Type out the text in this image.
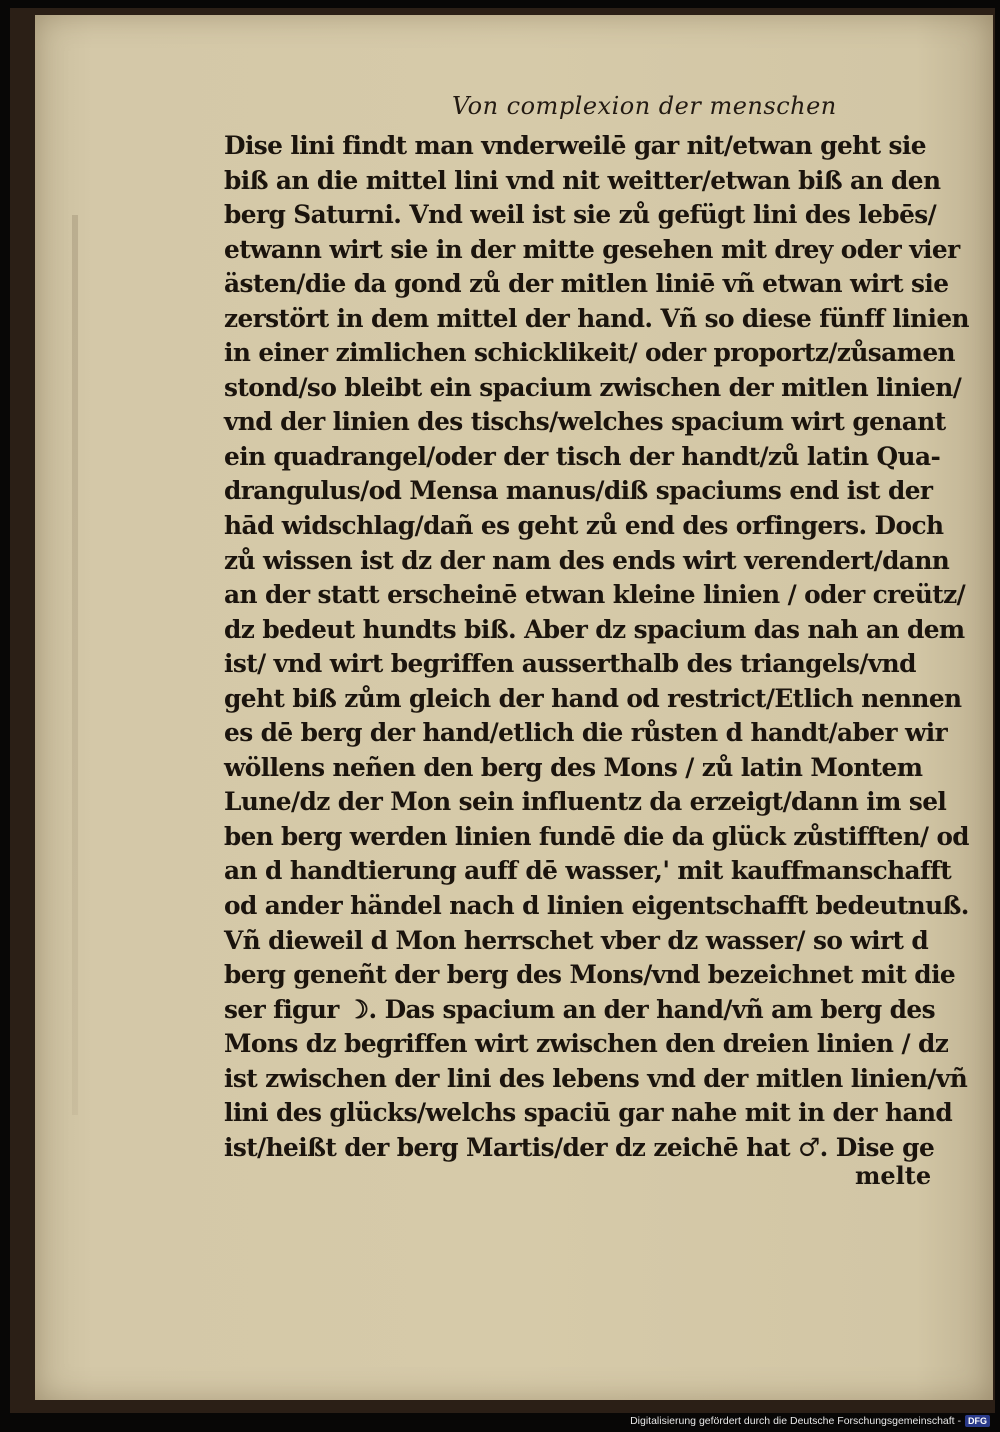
Von complexion der menschen
Dise lini findt man vnderweilē gar nit/etwan geht sie
biß an die mittel lini vnd nit weitter/etwan biß an den
berg Saturni. Vnd weil ist sie zů gefügt lini des lebēs/
etwann wirt sie in der mitte gesehen mit drey oder vier
ästen/die da gond zů der mitlen liniē vñ etwan wirt sie
zerstört in dem mittel der hand. Vñ so diese fünff linien
in einer zimlichen schicklikeit/ oder proportz/zůsamen
stond/so bleibt ein spacium zwischen der mitlen linien/
vnd der linien des tischs/welches spacium wirt genant
ein quadrangel/oder der tisch der handt/zů latin Qua-
drangulus/od Mensa manus/diß spaciums end ist der
hād widschlag/dañ es geht zů end des orfingers. Doch
zů wissen ist dz der nam des ends wirt verendert/dann
an der statt erscheinē etwan kleine linien / oder creütz/
dz bedeut hundts biß. Aber dz spacium das nah an dem
ist/ vnd wirt begriffen ausserthalb des triangels/vnd
geht biß zům gleich der hand od restrict/Etlich nennen
es dē berg der hand/etlich die růsten d handt/aber wir
wöllens neñen den berg des Mons / zů latin Montem
Lune/dz der Mon sein influentz da erzeigt/dann im sel
ben berg werden linien fundē die da glück zůstifften/ od
an d handtierung auff dē wasser,' mit kauffmanschafft
od ander händel nach d linien eigentschafft bedeutnuß.
Vñ dieweil d Mon herrschet vber dz wasser/ so wirt d
berg geneñt der berg des Mons/vnd bezeichnet mit die
ser figur ☽. Das spacium an der hand/vñ am berg des
Mons dz begriffen wirt zwischen den dreien linien / dz
ist zwischen der lini des lebens vnd der mitlen linien/vñ
lini des glücks/welchs spaciū gar nahe mit in der hand
ist/heißt der berg Martis/der dz zeichē hat ♂. Dise ge
melte
Digitalisierung gefördert durch die Deutsche Forschungsgemeinschaft - DFG
